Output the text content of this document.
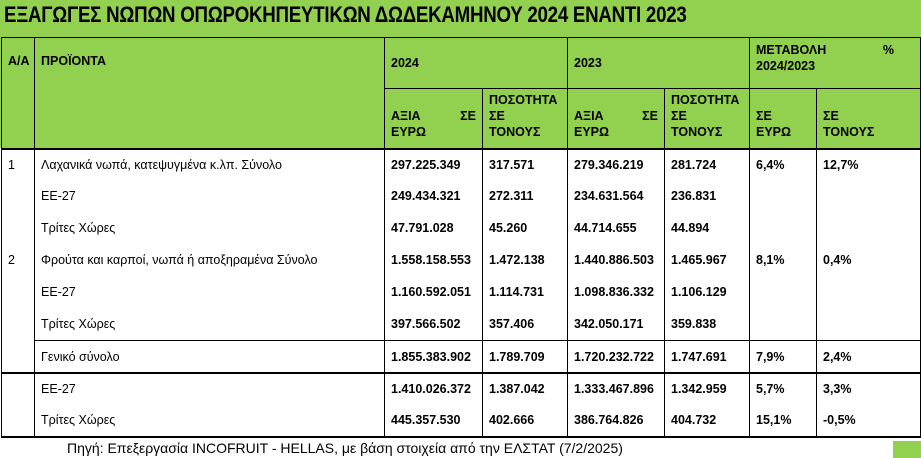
ΕΞΑΓΩΓΕΣ ΝΩΠΩΝ ΟΠΩΡΟΚΗΠΕΥΤΙΚΩΝ ΔΩΔΕΚΑΜΗΝΟΥ 2024 ΕΝΑΝΤΙ 2023
Α/Α ΠΡΟΪΟΝΤΑ	2024	2023
ΜΕΤΑΒΟΛΗ	%
2024/2023
ΑΞΙΑ	ΣΕ
ΕΥΡΩ
ΠΟΣΟΤΗΤΑ
ΣΕ
ΤΟΝΟΥΣ
ΑΞΙΑ	ΣΕ
ΕΥΡΩ
ΠΟΣΟΤΗΤΑ
ΣΕ
ΤΟΝΟΥΣ
ΣΕ
ΕΥΡΩ
ΣΕ
ΤΟΝΟΥΣ
1	Λαχανικά νωπά, κατεψυγμένα κ.λπ. Σύνολο	297.225.349	317.571	279.346.219	281.724	6,4%	12,7%
ΕΕ-27	249.434.321	272.311	234.631.564	236.831
Τρίτες Χώρες	47.791.028	45.260	44.714.655	44.894
2	Φρούτα και καρποί, νωπά ή αποξηραμένα Σύνολο	1.558.158.553	1.472.138	1.440.886.503	1.465.967	8,1%	0,4%
ΕΕ-27	1.160.592.051	1.114.731	1.098.836.332	1.106.129
Τρίτες Χώρες	397.566.502	357.406	342.050.171	359.838
Γενικό σύνολο	1.855.383.902	1.789.709	1.720.232.722	1.747.691	7,9%	2,4%
ΕΕ-27	1.410.026.372	1.387.042	1.333.467.896	1.342.959	5,7%	3,3%
Τρίτες Χώρες	445.357.530	402.666	386.764.826	404.732	15,1%	-0,5%
Πηγή: Επεξεργασία INCOFRUIT - HELLAS, με βάση στοιχεία από την ΕΛΣΤΑΤ (7/2/2025)
